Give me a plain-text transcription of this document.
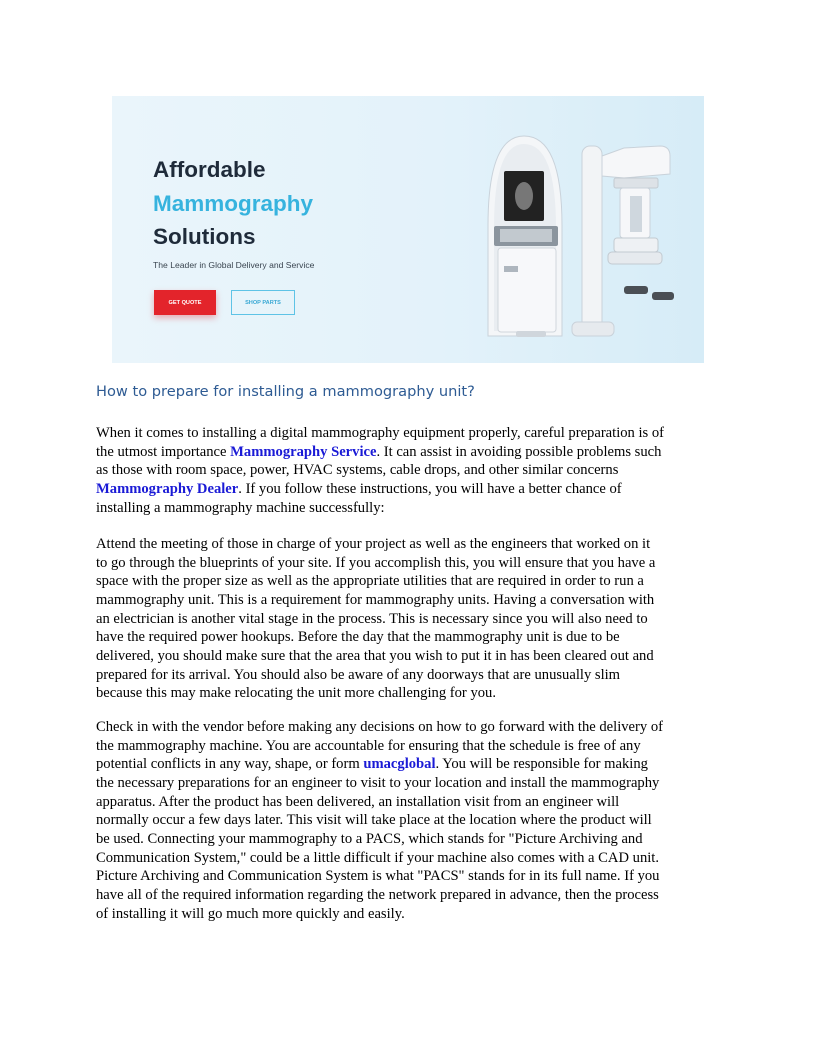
Affordable
Mammography
Solutions
The Leader in Global Delivery and Service
GET QUOTE	SHOP PARTS
How to prepare for installing a mammography unit?

When it comes to installing a digital mammography equipment properly, careful preparation is of
the utmost importance Mammography Service. It can assist in avoiding possible problems such
as those with room space, power, HVAC systems, cable drops, and other similar concerns
Mammography Dealer. If you follow these instructions, you will have a better chance of
installing a mammography machine successfully:

Attend the meeting of those in charge of your project as well as the engineers that worked on it
to go through the blueprints of your site. If you accomplish this, you will ensure that you have a
space with the proper size as well as the appropriate utilities that are required in order to run a
mammography unit. This is a requirement for mammography units. Having a conversation with
an electrician is another vital stage in the process. This is necessary since you will also need to
have the required power hookups. Before the day that the mammography unit is due to be
delivered, you should make sure that the area that you wish to put it in has been cleared out and
prepared for its arrival. You should also be aware of any doorways that are unusually slim
because this may make relocating the unit more challenging for you.

Check in with the vendor before making any decisions on how to go forward with the delivery of
the mammography machine. You are accountable for ensuring that the schedule is free of any
potential conflicts in any way, shape, or form umacglobal. You will be responsible for making
the necessary preparations for an engineer to visit to your location and install the mammography
apparatus. After the product has been delivered, an installation visit from an engineer will
normally occur a few days later. This visit will take place at the location where the product will
be used. Connecting your mammography to a PACS, which stands for "Picture Archiving and
Communication System," could be a little difficult if your machine also comes with a CAD unit.
Picture Archiving and Communication System is what "PACS" stands for in its full name. If you
have all of the required information regarding the network prepared in advance, then the process
of installing it will go much more quickly and easily.
